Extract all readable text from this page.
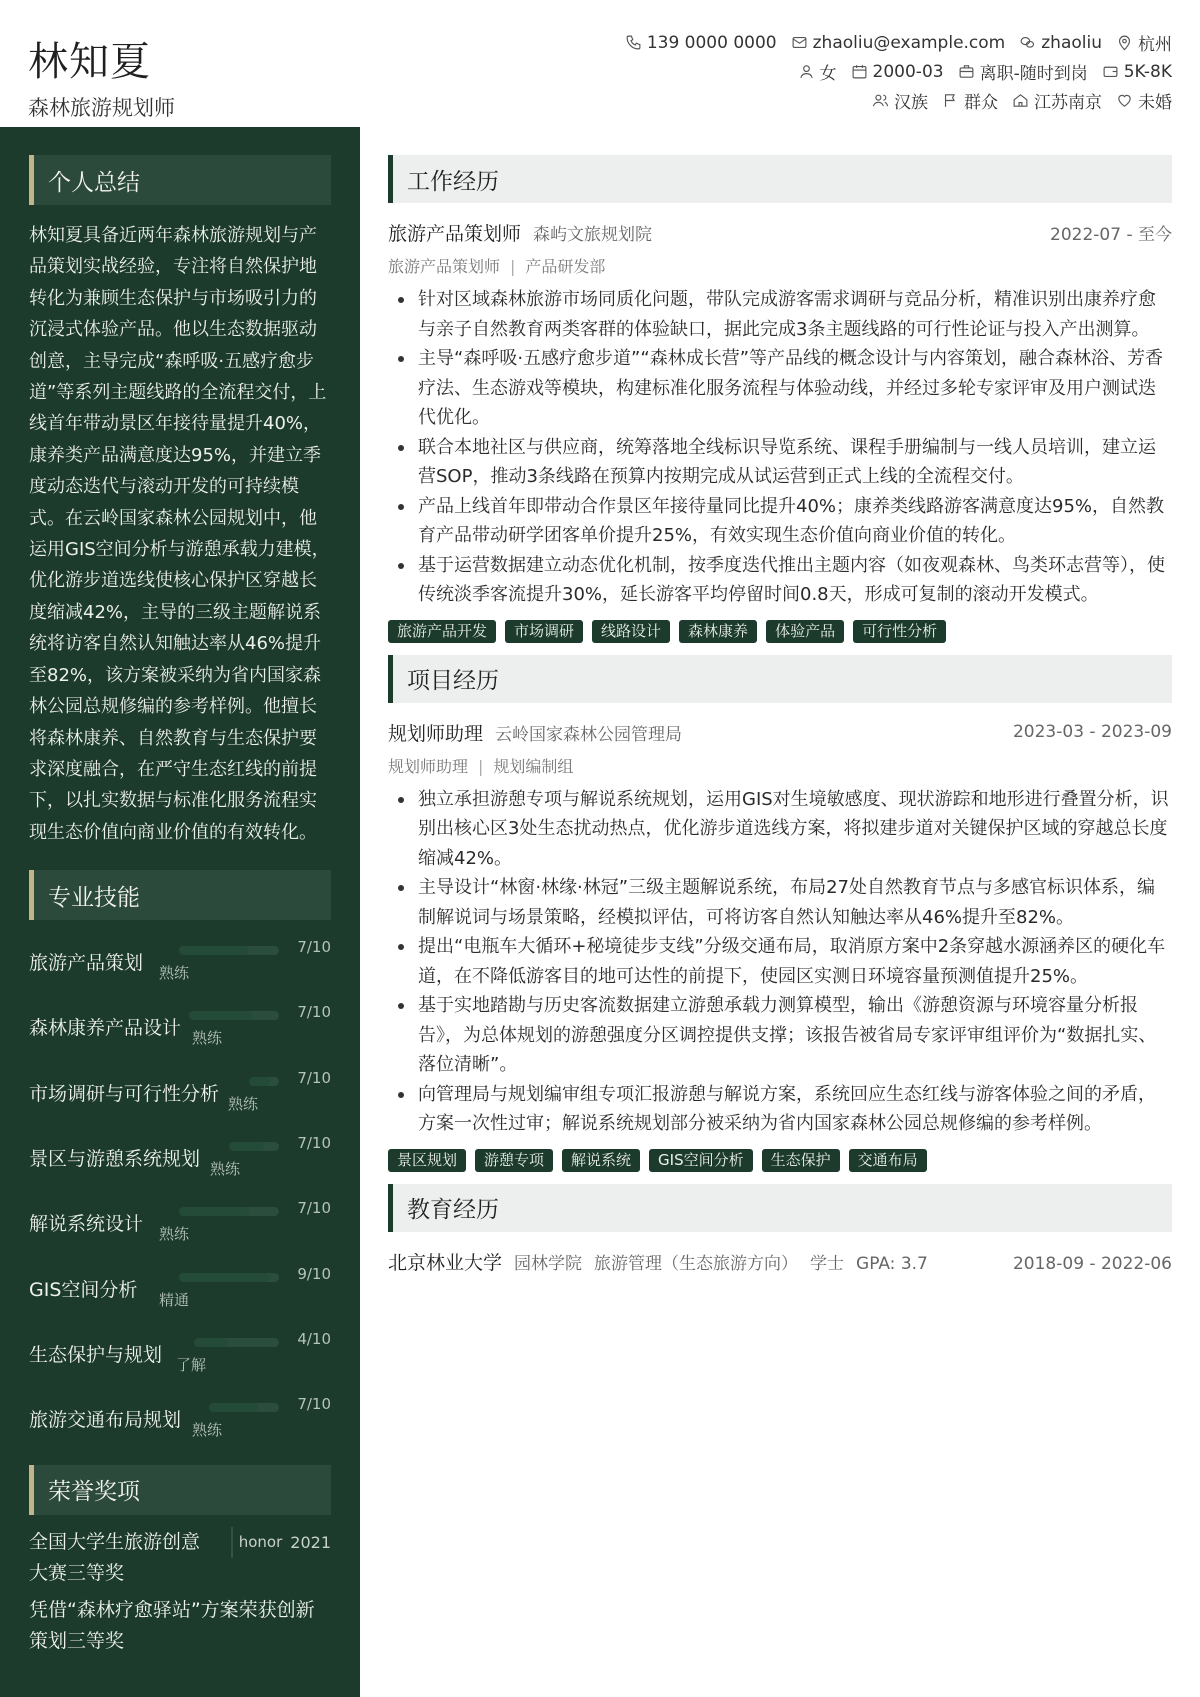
林知夏
森林旅游规划师
139 0000 0000 zhaoliu@example.com zhaoliu 杭州
女 2000-03 离职-随时到岗 5K-8K
汉族 群众 江苏南京 未婚
个人总结
林知夏具备近两年森林旅游规划与产品策划实战经验，专注将自然保护地转化为兼顾生态保护与市场吸引力的沉浸式体验产品。他以生态数据驱动创意，主导完成“森呼吸·五感疗愈步道”等系列主题线路的全流程交付，上线首年带动景区年接待量提升40%，康养类产品满意度达95%，并建立季度动态迭代与滚动开发的可持续模式。在云岭国家森林公园规划中，他运用GIS空间分析与游憩承载力建模，优化游步道选线使核心保护区穿越长度缩减42%，主导的三级主题解说系统将访客自然认知触达率从46%提升至82%，该方案被采纳为省内国家森林公园总规修编的参考样例。他擅长将森林康养、自然教育与生态保护要求深度融合，在严守生态红线的前提下，以扎实数据与标准化服务流程实现生态价值向商业价值的有效转化。
专业技能
旅游产品策划 熟练
7/10
森林康养产品设计 熟练
7/10
市场调研与可行性分析 熟练
7/10
景区与游憩系统规划 熟练
7/10
解说系统设计 熟练
7/10
GIS空间分析 精通
9/10
生态保护与规划 了解
4/10
旅游交通布局规划 熟练
7/10
荣誉奖项
全国大学生旅游创意大赛三等奖
honor 2021
凭借“森林疗愈驿站”方案荣获创新策划三等奖
工作经历
旅游产品策划师 森屿文旅规划院	2022-07 - 至今
旅游产品策划师 | 产品研发部
针对区域森林旅游市场同质化问题，带队完成游客需求调研与竞品分析，精准识别出康养疗愈与亲子自然教育两类客群的体验缺口，据此完成3条主题线路的可行性论证与投入产出测算。
主导“森呼吸·五感疗愈步道”“森林成长营”等产品线的概念设计与内容策划，融合森林浴、芳香疗法、生态游戏等模块，构建标准化服务流程与体验动线，并经过多轮专家评审及用户测试迭代优化。
联合本地社区与供应商，统筹落地全线标识导览系统、课程手册编制与一线人员培训，建立运营SOP，推动3条线路在预算内按期完成从试运营到正式上线的全流程交付。
产品上线首年即带动合作景区年接待量同比提升40%；康养类线路游客满意度达95%，自然教育产品带动研学团客单价提升25%，有效实现生态价值向商业价值的转化。
基于运营数据建立动态优化机制，按季度迭代推出主题内容（如夜观森林、鸟类环志营等），使传统淡季客流提升30%，延长游客平均停留时间0.8天，形成可复制的滚动开发模式。
旅游产品开发	市场调研	线路设计	森林康养	体验产品	可行性分析
项目经历
规划师助理 云岭国家森林公园管理局	2023-03 - 2023-09
规划师助理 | 规划编制组
独立承担游憩专项与解说系统规划，运用GIS对生境敏感度、现状游踪和地形进行叠置分析，识别出核心区3处生态扰动热点，优化游步道选线方案，将拟建步道对关键保护区域的穿越总长度缩减42%。
主导设计“林窗·林缘·林冠”三级主题解说系统，布局27处自然教育节点与多感官标识体系，编制解说词与场景策略，经模拟评估，可将访客自然认知触达率从46%提升至82%。
提出“电瓶车大循环+秘境徒步支线”分级交通布局，取消原方案中2条穿越水源涵养区的硬化车道，在不降低游客目的地可达性的前提下，使园区实测日环境容量预测值提升25%。
基于实地踏勘与历史客流数据建立游憩承载力测算模型，输出《游憩资源与环境容量分析报告》，为总体规划的游憩强度分区调控提供支撑；该报告被省局专家评审组评价为“数据扎实、落位清晰”。
向管理局与规划编审组专项汇报游憩与解说方案，系统回应生态红线与游客体验之间的矛盾，方案一次性过审；解说系统规划部分被采纳为省内国家森林公园总规修编的参考样例。
景区规划	游憩专项	解说系统	GIS空间分析	生态保护	交通布局
教育经历
北京林业大学 园林学院 旅游管理（生态旅游方向） 学士 GPA: 3.7	2018-09 - 2022-06
